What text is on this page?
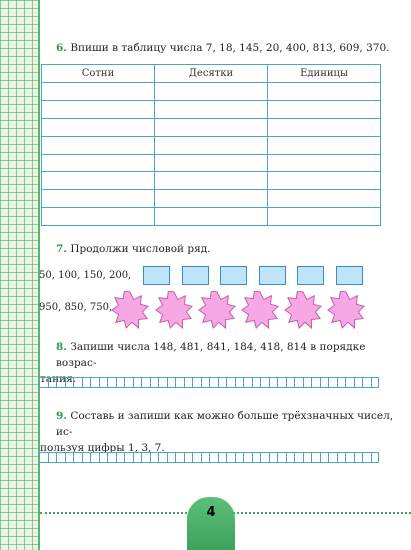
6. Впиши в таблицу числа 7, 18, 145, 20, 400, 813, 609, 370.
Сотни	Десятки	Единицы

7. Продолжи числовой ряд.
50, 100, 150, 200,
950, 850, 750,
8. Запиши числа 148, 481, 841, 184, 418, 814 в порядке возрас-
тания.
9. Составь и запиши как можно больше трёхзначных чисел, ис-
пользуя цифры 1, 3, 7.
4
